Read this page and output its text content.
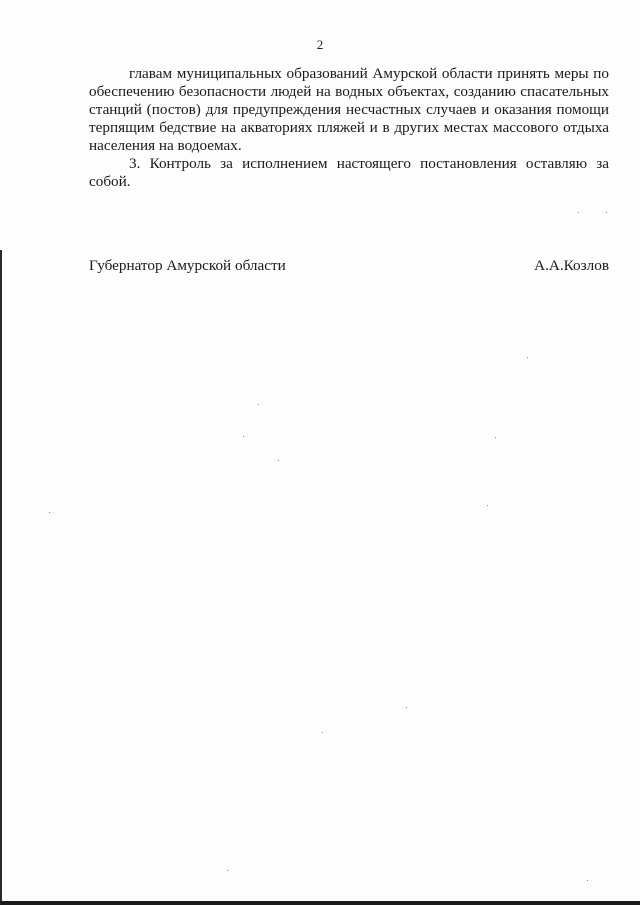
2

главам муниципальных образований Амурской области принять меры по обеспечению безопасности людей на водных объектах, созданию спасательных станций (постов) для предупреждения несчастных случаев и оказания помощи терпящим бедствие на акваториях пляжей и в других местах массового отдыха населения на водоемах.

3. Контроль за исполнением настоящего постановления оставляю за собой.

Губернатор Амурской области	А.А.Козлов
